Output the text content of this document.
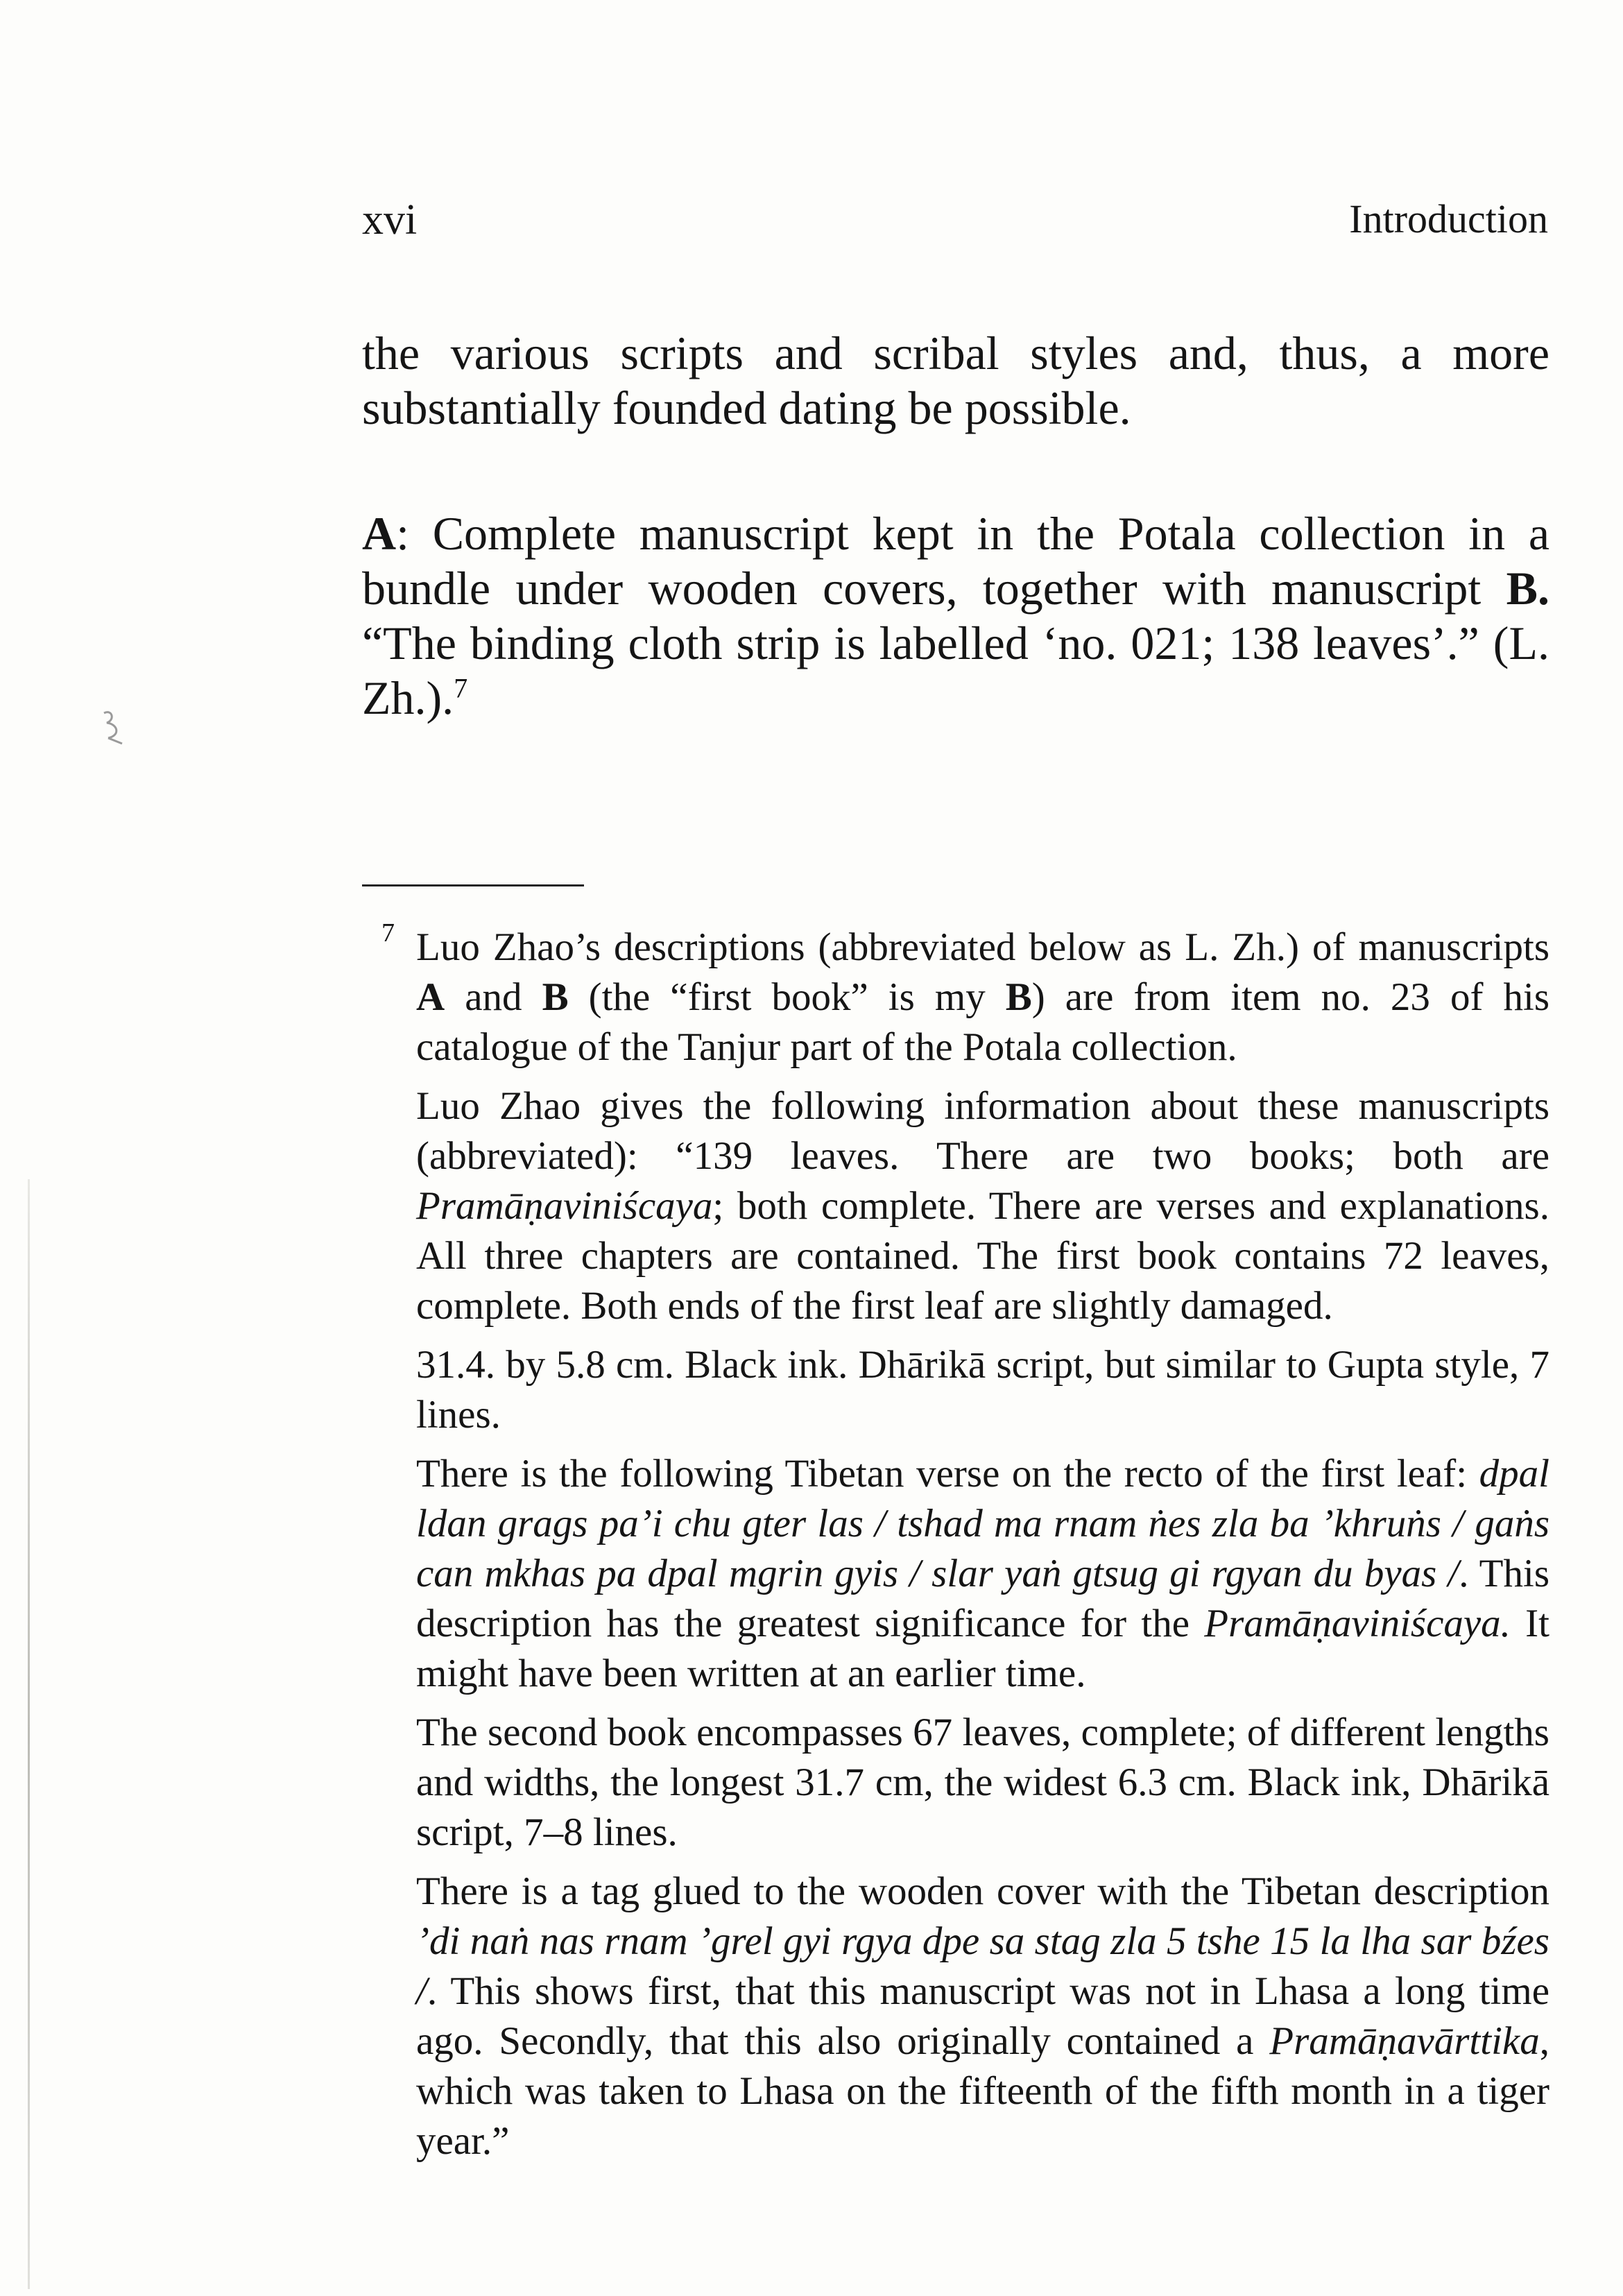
xvi	Introduction

the various scripts and scribal styles and, thus, a more substantially founded dating be possible.

A: Complete manuscript kept in the Potala collection in a bundle under wooden covers, together with manuscript B. “The binding cloth strip is labelled ‘no. 021; 138 leaves’.” (L. Zh.).$^7$

7 Luo Zhao’s descriptions (abbreviated below as L. Zh.) of manuscripts A and B (the “first book” is my B) are from item no. 23 of his catalogue of the Tanjur part of the Potala collection.

Luo Zhao gives the following information about these manuscripts (abbreviated): “139 leaves. There are two books; both are Pramāṇaviniścaya; both complete. There are verses and explanations. All three chapters are contained. The first book contains 72 leaves, complete. Both ends of the first leaf are slightly damaged.

31.4. by 5.8 cm. Black ink. Dhārikā script, but similar to Gupta style, 7 lines.

There is the following Tibetan verse on the recto of the first leaf: dpal ldan grags pa’i chu gter las / tshad ma rnam ṅes zla ba ’khruṅs / gaṅs can mkhas pa dpal mgrin gyis / slar yaṅ gtsug gi rgyan du byas /. This description has the greatest significance for the Pramāṇaviniścaya. It might have been written at an earlier time.

The second book encompasses 67 leaves, complete; of different lengths and widths, the longest 31.7 cm, the widest 6.3 cm. Black ink, Dhārikā script, 7–8 lines.

There is a tag glued to the wooden cover with the Tibetan description ’di naṅ nas rnam ’grel gyi rgya dpe sa stag zla 5 tshe 15 la lha sar bźes /. This shows first, that this manuscript was not in Lhasa a long time ago. Secondly, that this also originally contained a Pramāṇavārttika, which was taken to Lhasa on the fifteenth of the fifth month in a tiger year.”
